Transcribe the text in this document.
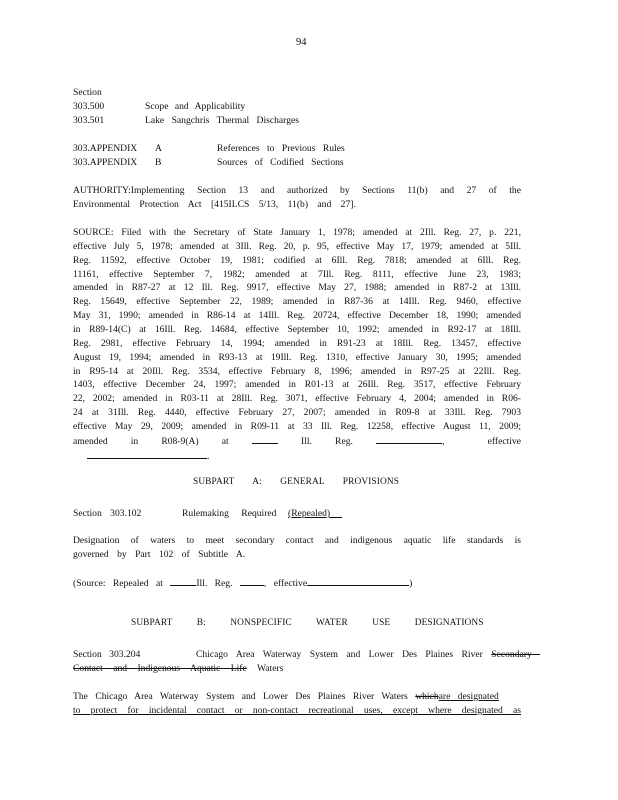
94
Section
303.500	Scope and Applicability
303.501	Lake Sangchris Thermal Discharges
303.APPENDIX A	References to Previous Rules
303.APPENDIX B	Sources of Codified Sections
AUTHORITY:Implementing Section 13 and authorized by Sections 11(b) and 27 of the
Environmental Protection Act [415ILCS 5/13, 11(b) and 27].
SOURCE: Filed with the Secretary of State January 1, 1978; amended at 2Ill. Reg. 27, p. 221,
effective July 5, 1978; amended at 3Ill. Reg. 20, p. 95, effective May 17, 1979; amended at 5Ill.
Reg. 11592, effective October 19, 1981; codified at 6Ill. Reg. 7818; amended at 6Ill. Reg.
11161, effective September 7, 1982; amended at 7Ill. Reg. 8111, effective June 23, 1983;
amended in R87-27 at 12 Ill. Reg. 9917, effective May 27, 1988; amended in R87-2 at 13Ill.
Reg. 15649, effective September 22, 1989; amended in R87-36 at 14Ill. Reg. 9460, effective
May 31, 1990; amended in R86-14 at 14Ill. Reg. 20724, effective December 18, 1990; amended
in R89-14(C) at 16Ill. Reg. 14684, effective September 10, 1992; amended in R92-17 at 18Ill.
Reg. 2981, effective February 14, 1994; amended in R91-23 at 18Ill. Reg. 13457, effective
August 19, 1994; amended in R93-13 at 19Ill. Reg. 1310, effective January 30, 1995; amended
in R95-14 at 20Ill. Reg. 3534, effective February 8, 1996; amended in R97-25 at 22Ill. Reg.
1403, effective December 24, 1997; amended in R01-13 at 26Ill. Reg. 3517, effective February
22, 2002; amended in R03-11 at 28Ill. Reg. 3071, effective February 4, 2004; amended in R06-
24 at 31Ill. Reg. 4440, effective February 27, 2007; amended in R09-8 at 33Ill. Reg. 7903
effective May 29, 2009; amended in R09-11 at 33 Ill. Reg. 12258, effective August 11, 2009;
amended in R08-9(A) at	Ill. Reg.	,	effective .
SUBPART A: GENERAL PROVISIONS
Section 303.102	Rulemaking Required (Repealed)
Designation of waters to meet secondary contact and indigenous aquatic life standards is
governed by Part 102 of Subtitle A.
(Source: Repealed at	Ill. Reg.	, effective	)
SUBPART B: NONSPECIFIC WATER USE DESIGNATIONS
Section 303.204	Chicago Area Waterway System and Lower Des Plaines River Secondary
Contact and Indigenous Aquatic Life Waters
The Chicago Area Waterway System and Lower Des Plaines River Waters whichare designated
to protect for incidental contact or non-contact recreational uses, except where designated as
